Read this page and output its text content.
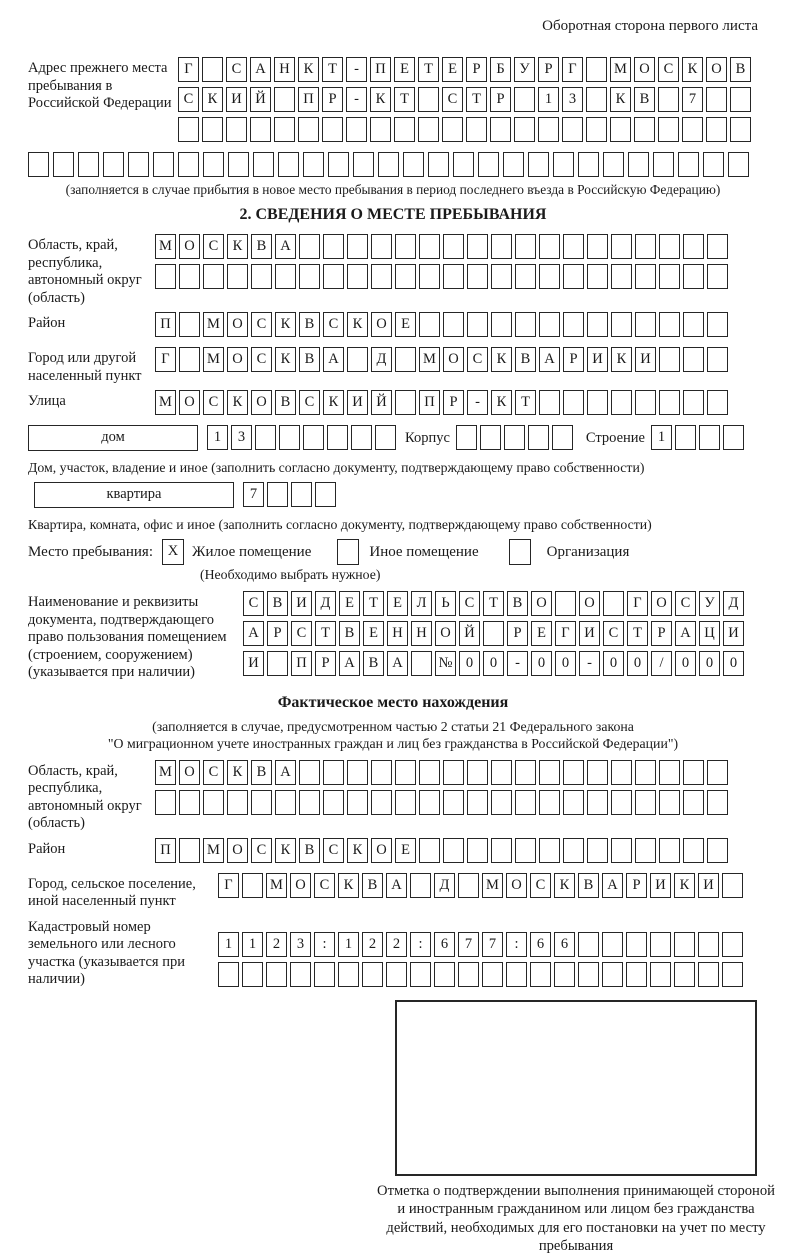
Оборотная сторона первого листа
Адрес прежнего места пребывания в Российской Федерации
Г	С А Н К Т - П Е Т Е Р Б У Р Г	М О С К О В
С К И Й	П Р - К Т	С Т Р	1 3	К В	7
(заполняется в случае прибытия в новое место пребывания в период последнего въезда в Российскую Федерацию)
2. СВЕДЕНИЯ О МЕСТЕ ПРЕБЫВАНИЯ
Область, край, республика, автономный округ (область)
М О С К В А
Район	П	М О С К В С К О Е
Город или другой населенный пункт
Г	М О С К В А	Д	М О С К В А Р И К И
Улица	М О С К О В С К И Й	П Р - К Т
дом	1 3	Корпус	Строение 1
Дом, участок, владение и иное (заполнить согласно документу, подтверждающему право собственности)
квартира	7
Квартира, комната, офис и иное (заполнить согласно документу, подтверждающему право собственности)
Место пребывания:	X Жилое помещение	Иное помещение	Организация
(Необходимо выбрать нужное)
Наименование и реквизиты документа, подтверждающего право пользования помещением (строением, сооружением) (указывается при наличии)
С В И Д Е Т Е Л Ь С Т В О	О	Г О С У Д
А Р С Т В Е Н Н О Й	Р Е Г И С Т Р А Ц И
И	П Р А В А № 0 0 - 0 0 - 0 0 / 0 0 0
Фактическое место нахождения
(заполняется в случае, предусмотренном частью 2 статьи 21 Федерального закона
"О миграционном учете иностранных граждан и лиц без гражданства в Российской Федерации")
Область, край, республика, автономный округ (область)
М О С К В А
Район	П	М О С К В С К О Е
Город, сельское поселение, иной населенный пункт
Г	М О С К В А	Д	М О С К В А Р И К И
Кадастровый номер земельного или лесного участка (указывается при наличии)
1 1 2 3 : 1 2 2 : 6 7 7 : 6 6
Отметка о подтверждении выполнения принимающей стороной и иностранным гражданином или лицом без гражданства действий, необходимых для его постановки на учет по месту пребывания
